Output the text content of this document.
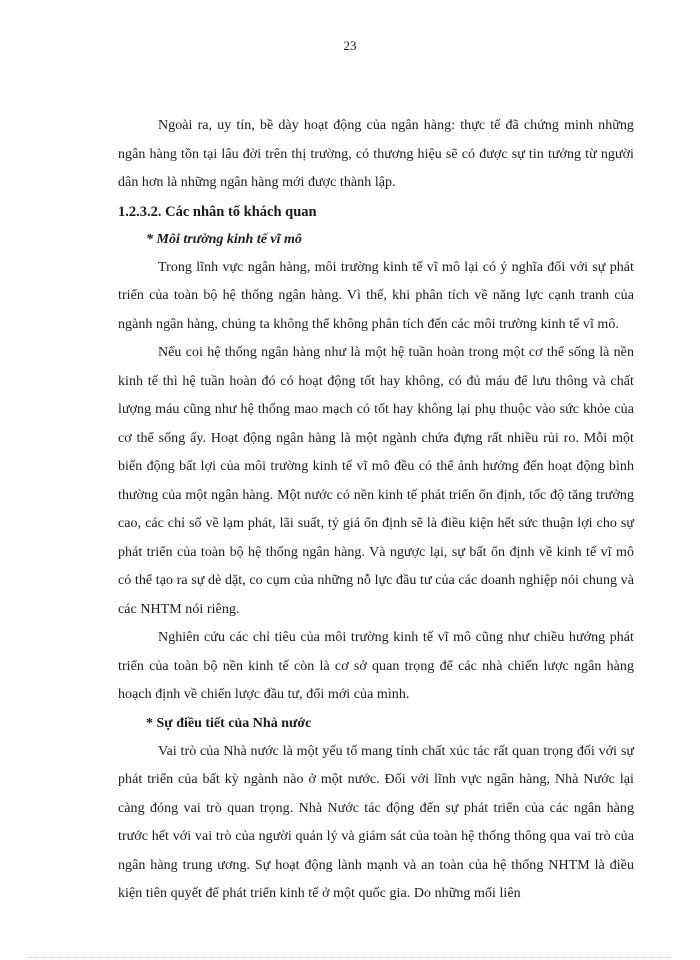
23

Ngoài ra, uy tín, bề dày hoạt động của ngân hàng: thực tế đã chứng minh những ngân hàng tồn tại lâu đời trên thị trường, có thương hiệu sẽ có được sự tin tưởng từ người dân hơn là những ngân hàng mới được thành lập.

1.2.3.2. Các nhân tố khách quan
* Môi trường kinh tế vĩ mô

Trong lĩnh vực ngân hàng, môi trường kinh tế vĩ mô lại có ý nghĩa đối với sự phát triển của toàn bộ hệ thống ngân hàng. Vì thế, khi phân tích về năng lực cạnh tranh của ngành ngân hàng, chúng ta không thể không phân tích đến các môi trường kinh tế vĩ mô.

Nếu coi hệ thống ngân hàng như là một hệ tuần hoàn trong một cơ thể sống là nền kinh tế thì hệ tuần hoàn đó có hoạt động tốt hay không, có đủ máu để lưu thông và chất lượng máu cũng như hệ thống mao mạch có tốt hay không lại phụ thuộc vào sức khỏe của cơ thể sống ấy. Hoạt động ngân hàng là một ngành chứa đựng rất nhiều rủi ro. Mỗi một biến động bất lợi của môi trường kinh tế vĩ mô đều có thể ảnh hưởng đến hoạt động bình thường của một ngân hàng. Một nước có nền kinh tế phát triển ổn định, tốc độ tăng trưởng cao, các chỉ số về lạm phát, lãi suất, tỷ giá ổn định sẽ là điều kiện hết sức thuận lợi cho sự phát triển của toàn bộ hệ thống ngân hàng. Và ngược lại, sự bất ổn định về kinh tế vĩ mô có thể tạo ra sự dè dặt, co cụm của những nỗ lực đầu tư của các doanh nghiệp nói chung và các NHTM nói riêng.

Nghiên cứu các chỉ tiêu của môi trường kinh tế vĩ mô cũng như chiều hướng phát triển của toàn bộ nền kinh tế còn là cơ sở quan trọng để các nhà chiến lược ngân hàng hoạch định về chiến lược đầu tư, đổi mới của mình.

* Sự điều tiết của Nhà nước

Vai trò của Nhà nước là một yếu tố mang tính chất xúc tác rất quan trọng đối với sự phát triển của bất kỳ ngành nào ở một nước. Đối với lĩnh vực ngân hàng, Nhà Nước lại càng đóng vai trò quan trọng. Nhà Nước tác động đến sự phát triển của các ngân hàng trước hết với vai trò của người quản lý và giám sát của toàn hệ thống thông qua vai trò của ngân hàng trung ương. Sự hoạt động lành mạnh và an toàn của hệ thống NHTM là điều kiện tiên quyết để phát triển kinh tế ở một quốc gia. Do những mối liên
